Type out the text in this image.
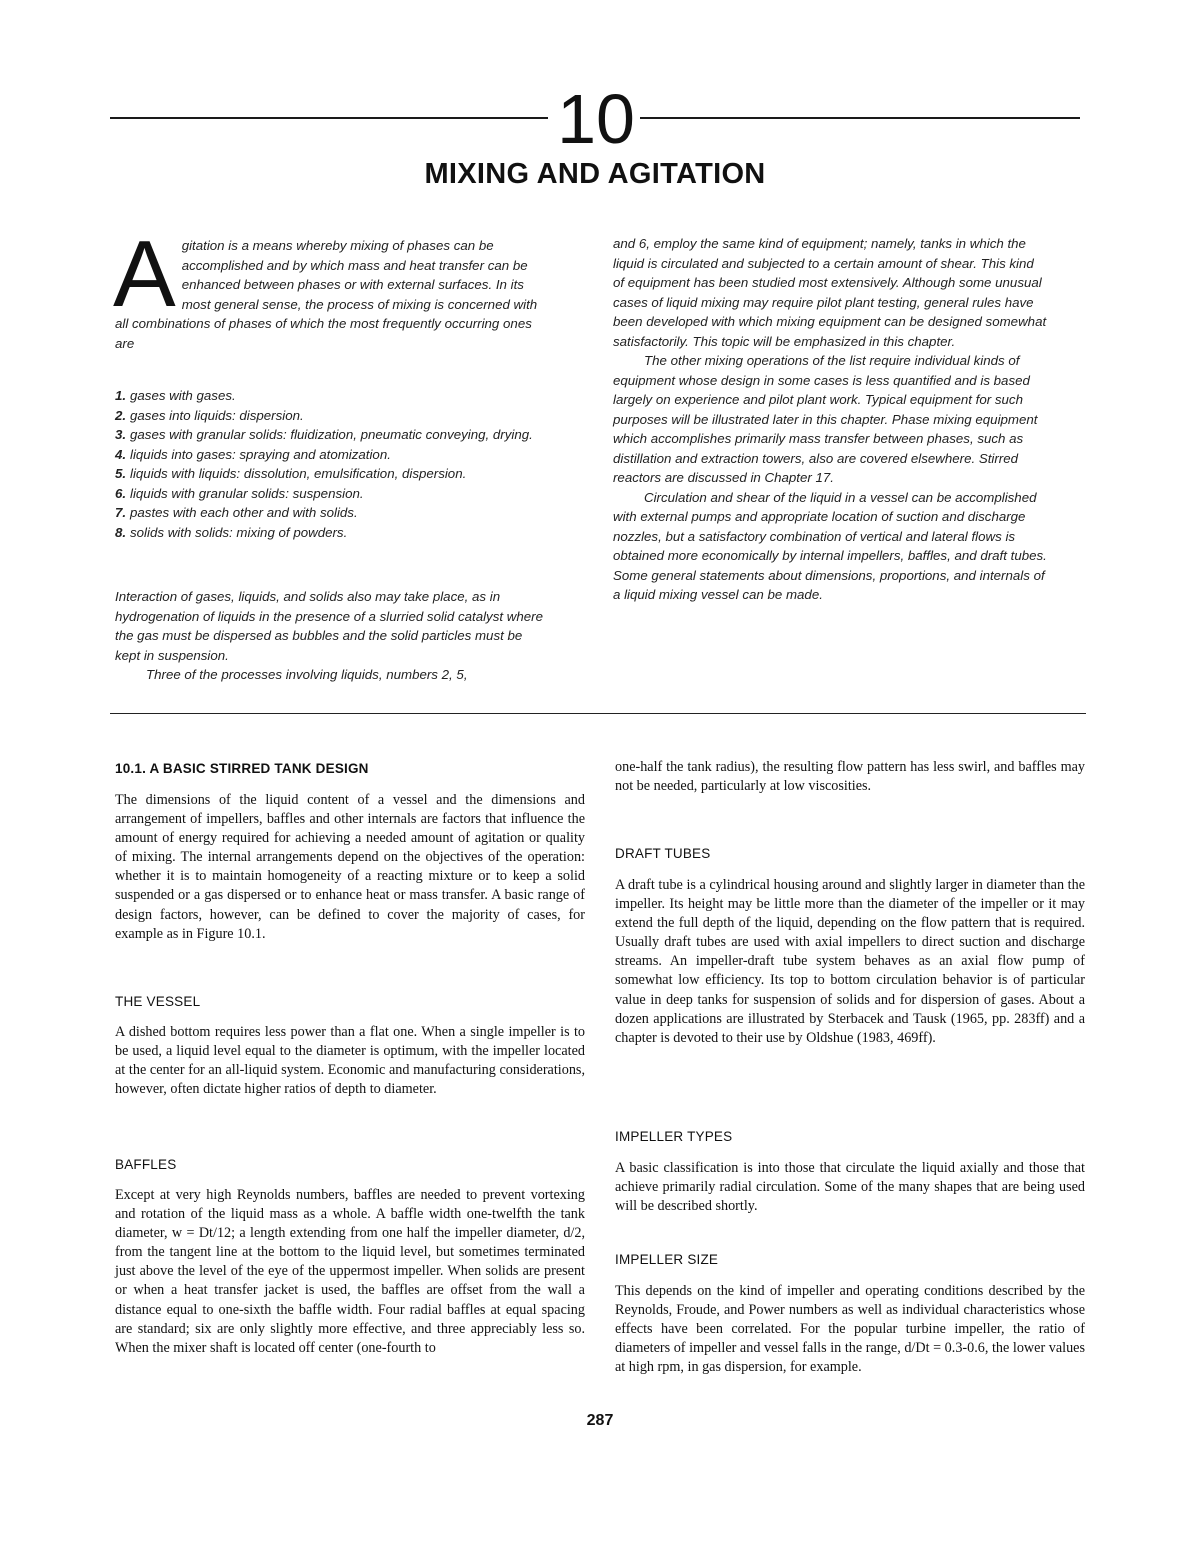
10
MIXING AND AGITATION

Agitation is a means whereby mixing of phases can be accomplished and by which mass and heat transfer can be enhanced between phases or with external surfaces. In its most general sense, the process of mixing is concerned with all combinations of phases of which the most frequently occurring ones are

1. gases with gases.
2. gases into liquids: dispersion.
3. gases with granular solids: fluidization, pneumatic conveying, drying.
4. liquids into gases: spraying and atomization.
5. liquids with liquids: dissolution, emulsification, dispersion.
6. liquids with granular solids: suspension.
7. pastes with each other and with solids.
8. solids with solids: mixing of powders.

Interaction of gases, liquids, and solids also may take place, as in hydrogenation of liquids in the presence of a slurried solid catalyst where the gas must be dispersed as bubbles and the solid particles must be kept in suspension.

Three of the processes involving liquids, numbers 2, 5,

and 6, employ the same kind of equipment; namely, tanks in which the liquid is circulated and subjected to a certain amount of shear. This kind of equipment has been studied most extensively. Although some unusual cases of liquid mixing may require pilot plant testing, general rules have been developed with which mixing equipment can be designed somewhat satisfactorily. This topic will be emphasized in this chapter.

The other mixing operations of the list require individual kinds of equipment whose design in some cases is less quantified and is based largely on experience and pilot plant work. Typical equipment for such purposes will be illustrated later in this chapter. Phase mixing equipment which accomplishes primarily mass transfer between phases, such as distillation and extraction towers, also are covered elsewhere. Stirred reactors are discussed in Chapter 17.

Circulation and shear of the liquid in a vessel can be accomplished with external pumps and appropriate location of suction and discharge nozzles, but a satisfactory combination of vertical and lateral flows is obtained more economically by internal impellers, baffles, and draft tubes. Some general statements about dimensions, proportions, and internals of a liquid mixing vessel can be made.

10.1. A BASIC STIRRED TANK DESIGN

The dimensions of the liquid content of a vessel and the dimensions and arrangement of impellers, baffles and other internals are factors that influence the amount of energy required for achieving a needed amount of agitation or quality of mixing. The internal arrangements depend on the objectives of the operation: whether it is to maintain homogeneity of a reacting mixture or to keep a solid suspended or a gas dispersed or to enhance heat or mass transfer. A basic range of design factors, however, can be defined to cover the majority of cases, for example as in Figure 10.1.

THE VESSEL

A dished bottom requires less power than a flat one. When a single impeller is to be used, a liquid level equal to the diameter is optimum, with the impeller located at the center for an all-liquid system. Economic and manufacturing considerations, however, often dictate higher ratios of depth to diameter.

BAFFLES

Except at very high Reynolds numbers, baffles are needed to prevent vortexing and rotation of the liquid mass as a whole. A baffle width one-twelfth the tank diameter, w = Dt/12; a length extending from one half the impeller diameter, d/2, from the tangent line at the bottom to the liquid level, but sometimes terminated just above the level of the eye of the uppermost impeller. When solids are present or when a heat transfer jacket is used, the baffles are offset from the wall a distance equal to one-sixth the baffle width. Four radial baffles at equal spacing are standard; six are only slightly more effective, and three appreciably less so. When the mixer shaft is located off center (one-fourth to

one-half the tank radius), the resulting flow pattern has less swirl, and baffles may not be needed, particularly at low viscosities.

DRAFT TUBES

A draft tube is a cylindrical housing around and slightly larger in diameter than the impeller. Its height may be little more than the diameter of the impeller or it may extend the full depth of the liquid, depending on the flow pattern that is required. Usually draft tubes are used with axial impellers to direct suction and discharge streams. An impeller-draft tube system behaves as an axial flow pump of somewhat low efficiency. Its top to bottom circulation behavior is of particular value in deep tanks for suspension of solids and for dispersion of gases. About a dozen applications are illustrated by Sterbacek and Tausk (1965, pp. 283ff) and a chapter is devoted to their use by Oldshue (1983, 469ff).

IMPELLER TYPES

A basic classification is into those that circulate the liquid axially and those that achieve primarily radial circulation. Some of the many shapes that are being used will be described shortly.

IMPELLER SIZE

This depends on the kind of impeller and operating conditions described by the Reynolds, Froude, and Power numbers as well as individual characteristics whose effects have been correlated. For the popular turbine impeller, the ratio of diameters of impeller and vessel falls in the range, d/Dt = 0.3-0.6, the lower values at high rpm, in gas dispersion, for example.

287
